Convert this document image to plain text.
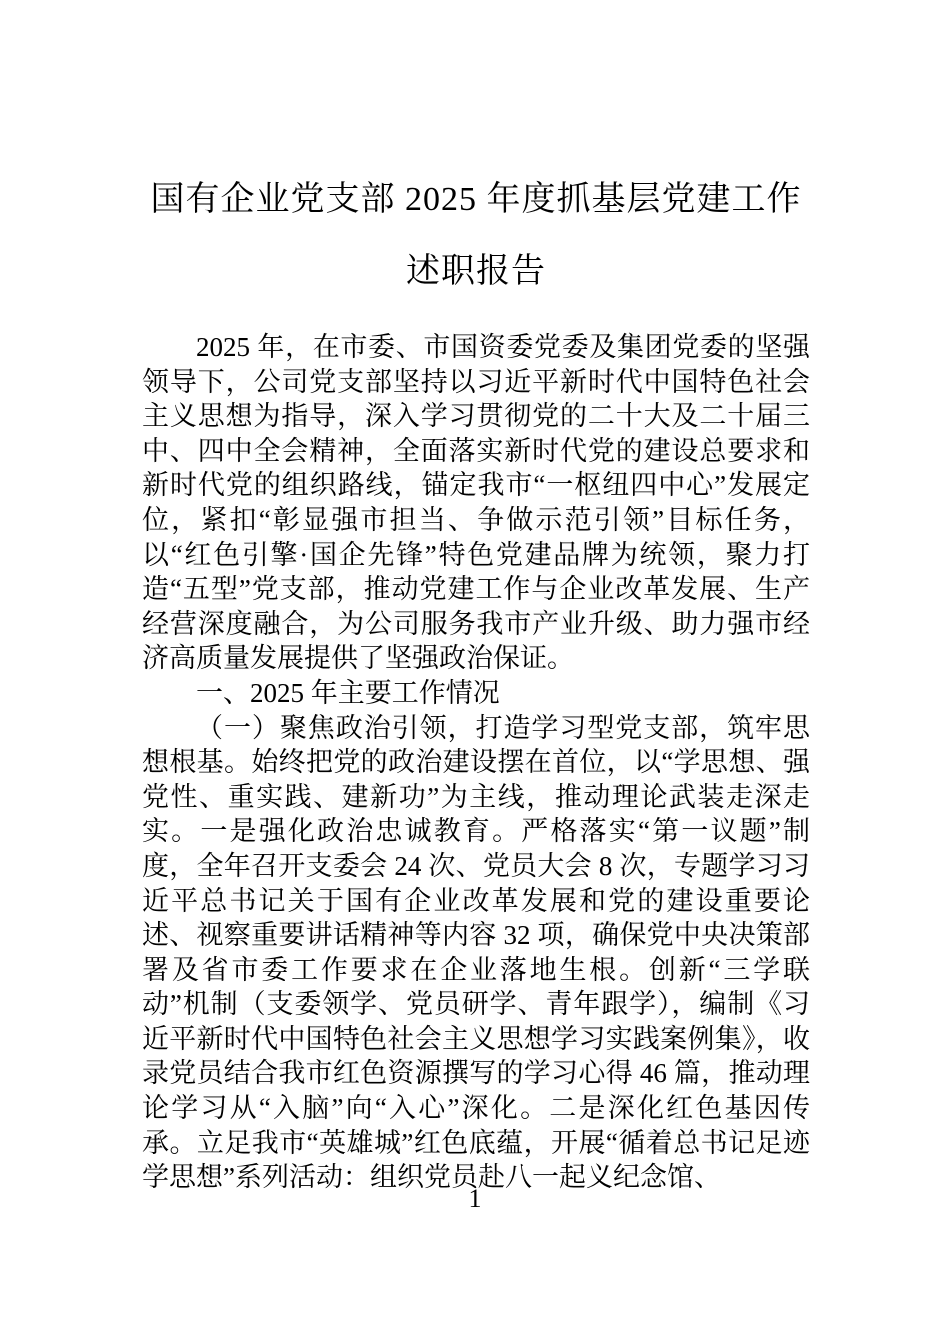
国有企业党支部 2025 年度抓基层党建工作
述职报告

2025 年，在市委、市国资委党委及集团党委的坚强领导下，公司党支部坚持以习近平新时代中国特色社会主义思想为指导，深入学习贯彻党的二十大及二十届三中、四中全会精神，全面落实新时代党的建设总要求和新时代党的组织路线，锚定我市“一枢纽四中心”发展定位，紧扣“彰显强市担当、争做示范引领”目标任务，以“红色引擎·国企先锋”特色党建品牌为统领，聚力打造“五型”党支部，推动党建工作与企业改革发展、生产经营深度融合，为公司服务我市产业升级、助力强市经济高质量发展提供了坚强政治保证。

一、2025 年主要工作情况

（一）聚焦政治引领，打造学习型党支部，筑牢思想根基。始终把党的政治建设摆在首位，以“学思想、强党性、重实践、建新功”为主线，推动理论武装走深走实。一是强化政治忠诚教育。严格落实“第一议题”制度，全年召开支委会 24 次、党员大会 8 次，专题学习习近平总书记关于国有企业改革发展和党的建设重要论述、视察重要讲话精神等内容 32 项，确保党中央决策部署及省市委工作要求在企业落地生根。创新“三学联动”机制（支委领学、党员研学、青年跟学），编制《习近平新时代中国特色社会主义思想学习实践案例集》，收录党员结合我市红色资源撰写的学习心得 46 篇，推动理论学习从“入脑”向“入心”深化。二是深化红色基因传承。立足我市“英雄城”红色底蕴，开展“循着总书记足迹学思想”系列活动：组织党员赴八一起义纪念馆、

1
